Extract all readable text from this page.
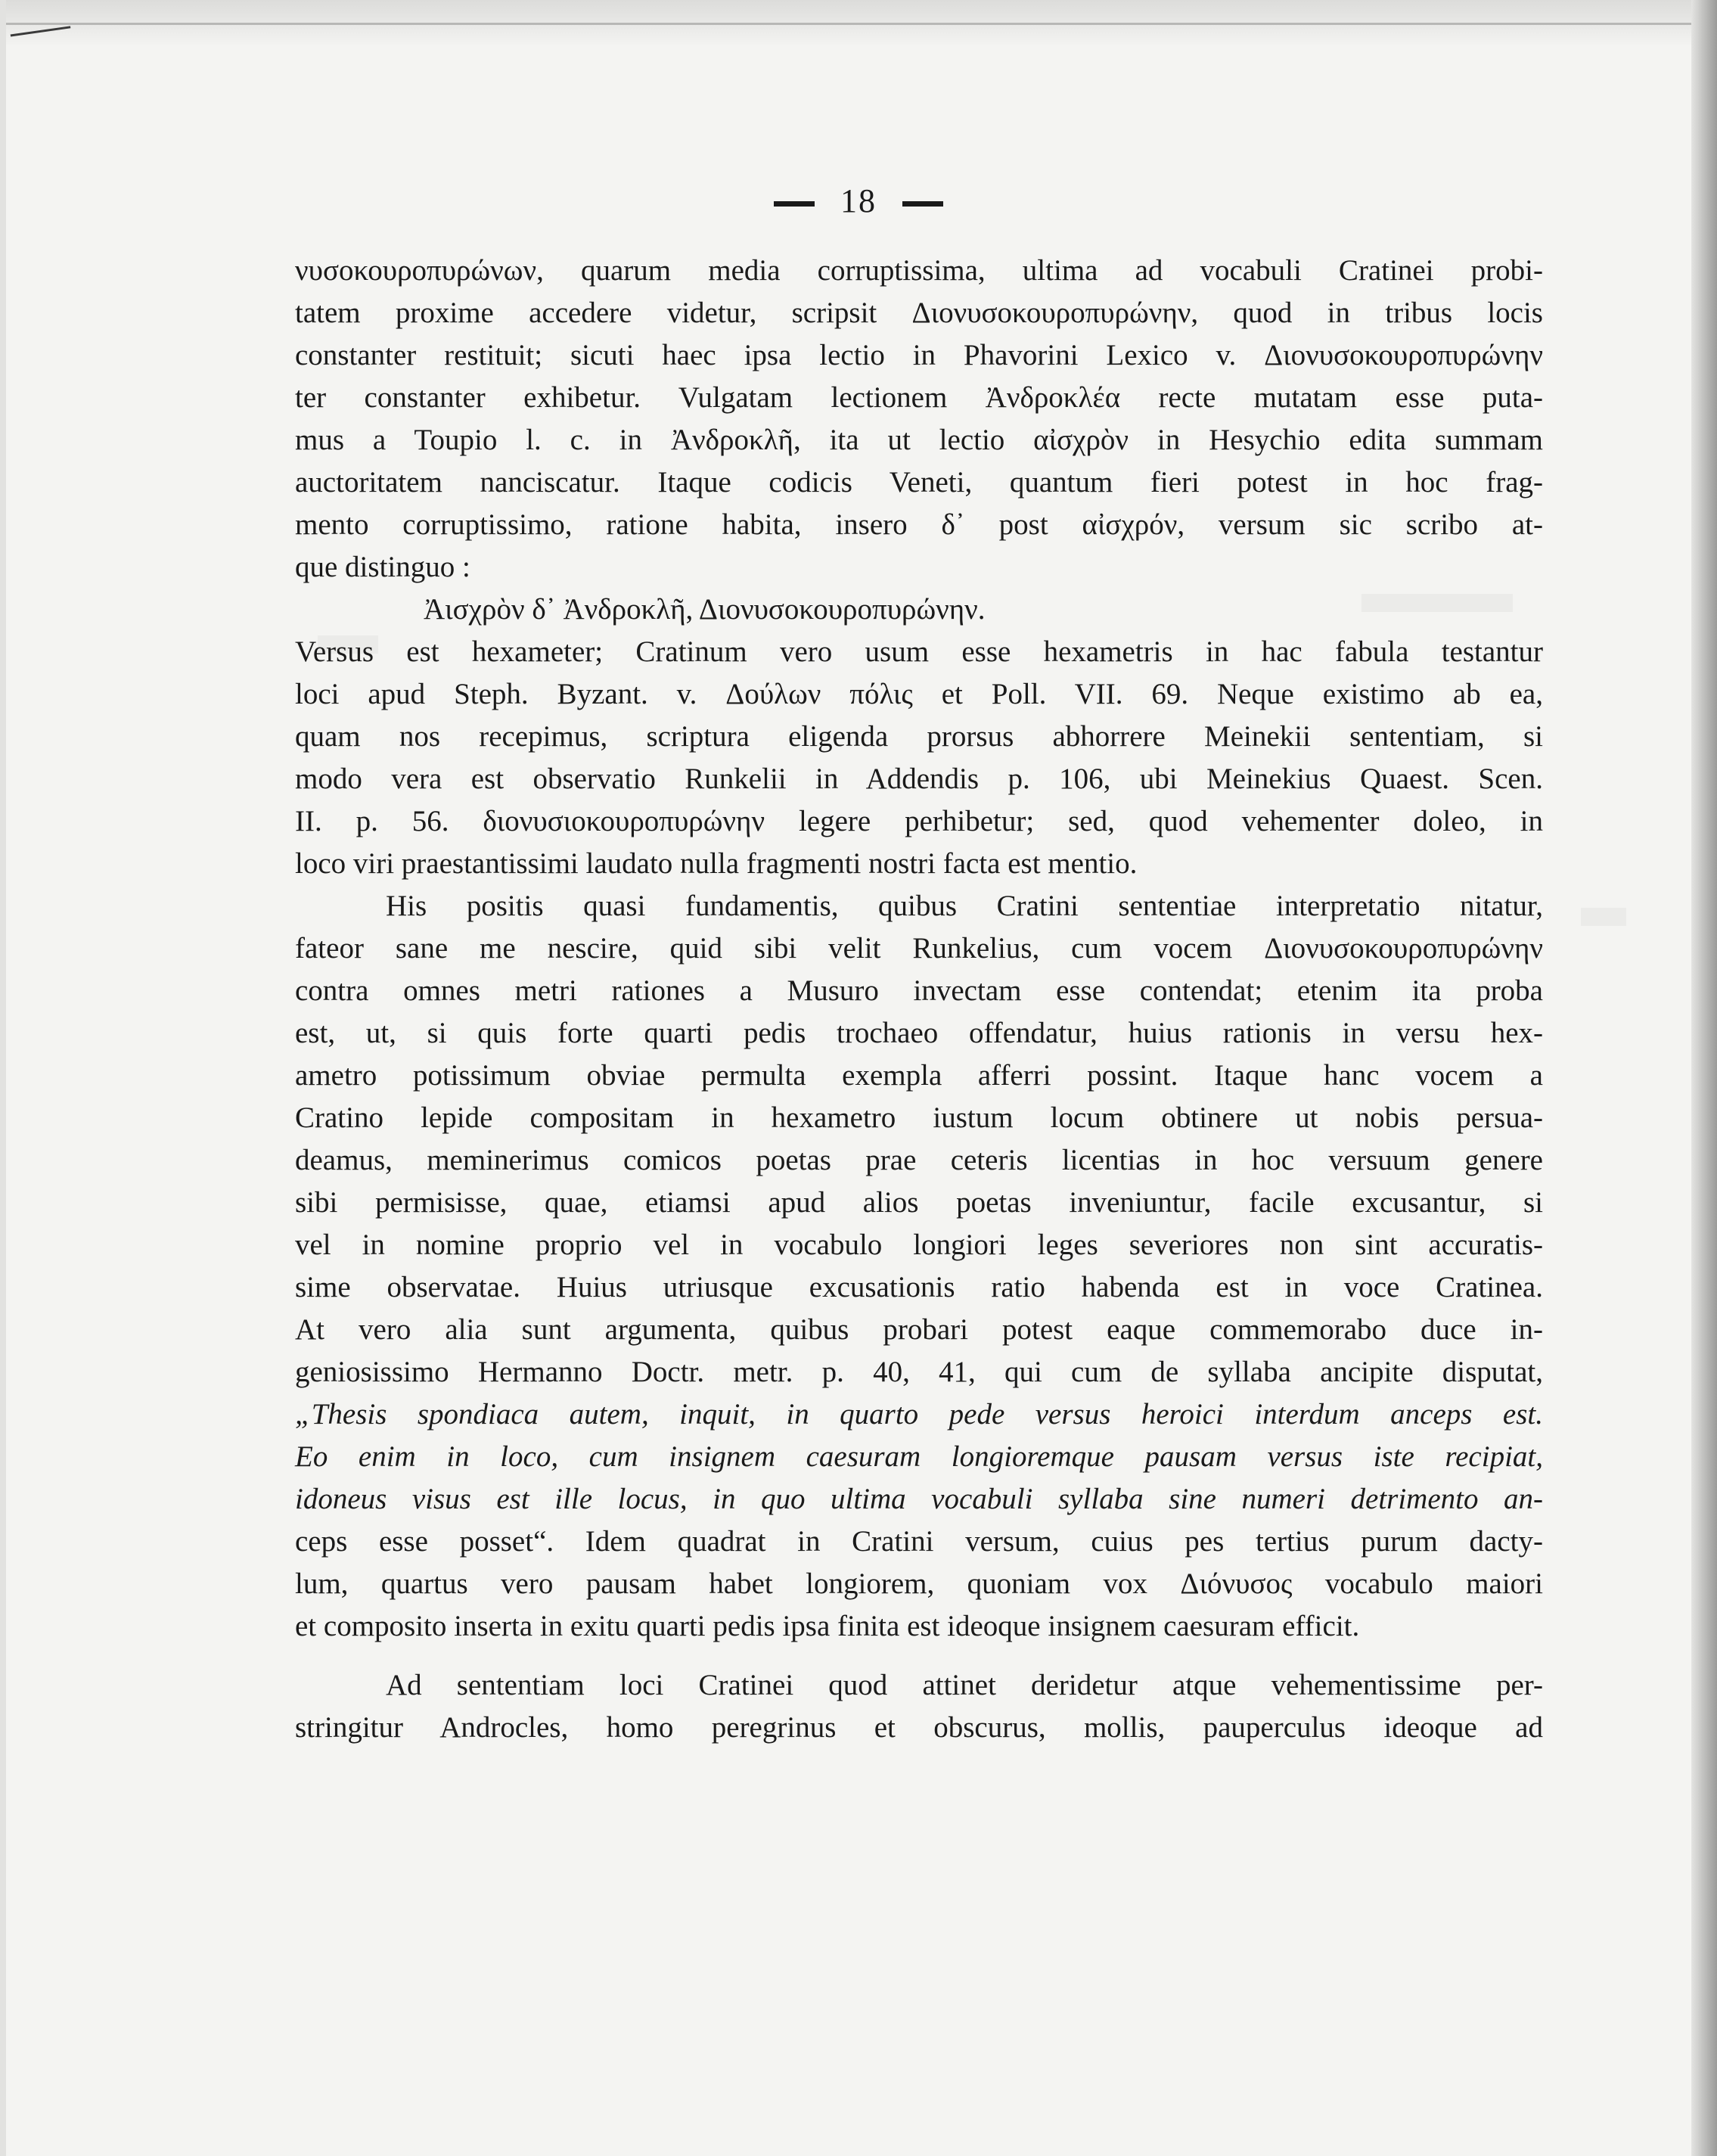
18
νυσοκουροπυρώνων, quarum media corruptissima, ultima ad vocabuli Cratinei probi-
tatem proxime accedere videtur, scripsit Διονυσοκουροπυρώνην, quod in tribus locis
constanter restituit; sicuti haec ipsa lectio in Phavorini Lexico v. Διονυσοκουροπυρώνην
ter constanter exhibetur. Vulgatam lectionem Ἀνδροκλέα recte mutatam esse puta-
mus a Toupio l. c. in Ἀνδροκλῆ, ita ut lectio αἰσχρὸν in Hesychio edita summam
auctoritatem nanciscatur. Itaque codicis Veneti, quantum fieri potest in hoc frag-
mento corruptissimo, ratione habita, insero δ᾿ post αἰσχρόν, versum sic scribo at-
que distinguo :
Ἀισχρὸν δ᾿ Ἀνδροκλῆ, Διονυσοκουροπυρώνην.
Versus est hexameter; Cratinum vero usum esse hexametris in hac fabula testantur
loci apud Steph. Byzant. v. Δούλων πόλις et Poll. VII. 69. Neque existimo ab ea,
quam nos recepimus, scriptura eligenda prorsus abhorrere Meinekii sententiam, si
modo vera est observatio Runkelii in Addendis p. 106, ubi Meinekius Quaest. Scen.
II. p. 56. διονυσιοκουροπυρώνην legere perhibetur; sed, quod vehementer doleo, in
loco viri praestantissimi laudato nulla fragmenti nostri facta est mentio.
His positis quasi fundamentis, quibus Cratini sententiae interpretatio nitatur,
fateor sane me nescire, quid sibi velit Runkelius, cum vocem Διονυσοκουροπυρώνην
contra omnes metri rationes a Musuro invectam esse contendat; etenim ita proba
est, ut, si quis forte quarti pedis trochaeo offendatur, huius rationis in versu hex-
ametro potissimum obviae permulta exempla afferri possint. Itaque hanc vocem a
Cratino lepide compositam in hexametro iustum locum obtinere ut nobis persua-
deamus, meminerimus comicos poetas prae ceteris licentias in hoc versuum genere
sibi permisisse, quae, etiamsi apud alios poetas inveniuntur, facile excusantur, si
vel in nomine proprio vel in vocabulo longiori leges severiores non sint accuratis-
sime observatae. Huius utriusque excusationis ratio habenda est in voce Cratinea.
At vero alia sunt argumenta, quibus probari potest eaque commemorabo duce in-
geniosissimo Hermanno Doctr. metr. p. 40, 41, qui cum de syllaba ancipite disputat,
„Thesis spondiaca autem, inquit, in quarto pede versus heroici interdum anceps est.
Eo enim in loco, cum insignem caesuram longioremque pausam versus iste recipiat,
idoneus visus est ille locus, in quo ultima vocabuli syllaba sine numeri detrimento an-
ceps esse posset“. Idem quadrat in Cratini versum, cuius pes tertius purum dacty-
lum, quartus vero pausam habet longiorem, quoniam vox Διόνυσος vocabulo maiori
et composito inserta in exitu quarti pedis ipsa finita est ideoque insignem caesuram efficit.
Ad sententiam loci Cratinei quod attinet deridetur atque vehementissime per-
stringitur Androcles, homo peregrinus et obscurus, mollis, pauperculus ideoque ad
